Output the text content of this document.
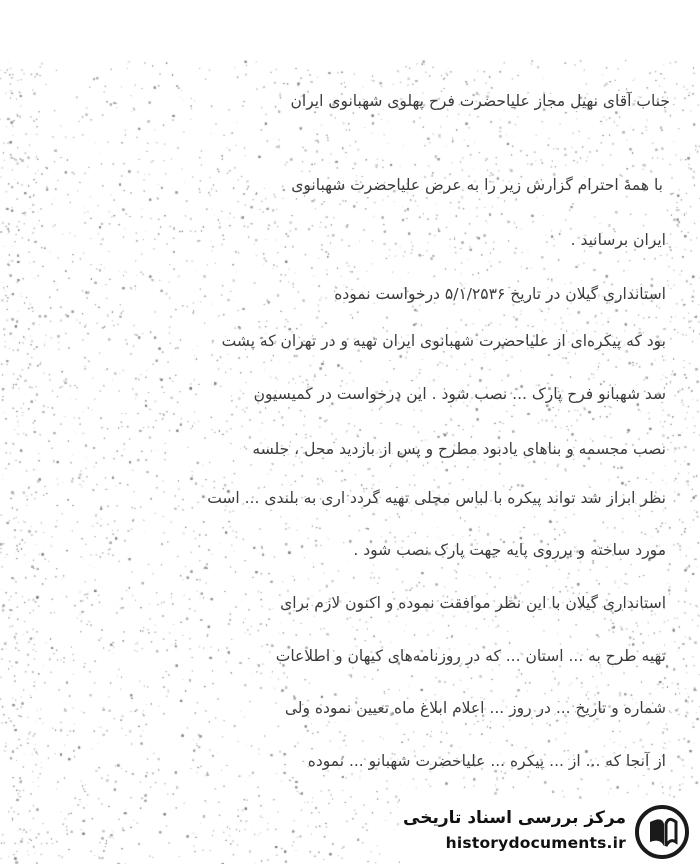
جناب آقای نهیل مجاز علیاحضرت فرح پهلوی شهبانوی ایران
با همهٔ احترام گزارش زیر را به عرض علیاحضرت شهبانوی
ایران برسانید .
استانداری گیلان در تاریخ ۵/۱/۲۵۳۶ درخواست نموده
بود که پیکره‌ای از علیاحضرت شهبانوی ایران تهیه و در تهران که پشت
سد شهبانو فرح پارک ... نصب شود . این درخواست در کمیسیون
نصب مجسمه و بناهای یادبود مطرح و پس از بازدید محل ، جلسه
نظر ابراز شد تواند پیکره با لباس محلی تهیه گردد اری به بلندی ... است
مورد ساخته و برروی پایه جهت پارک نصب شود .
استانداری گیلان با این نظر موافقت نموده و اکنون لازم برای
تهیه طرح به ... استان ... که در روزنامه‌های کیهان و اطلاعات
شماره و تاریخ ... در روز ... اعلام ابلاغ ماه تعیین نموده ولی
از آنجا که ... از ... پیکره ... علیاحضرت شهبانو ... نموده
مرکز بررسی اسناد تاریخی
historydocuments.ir
